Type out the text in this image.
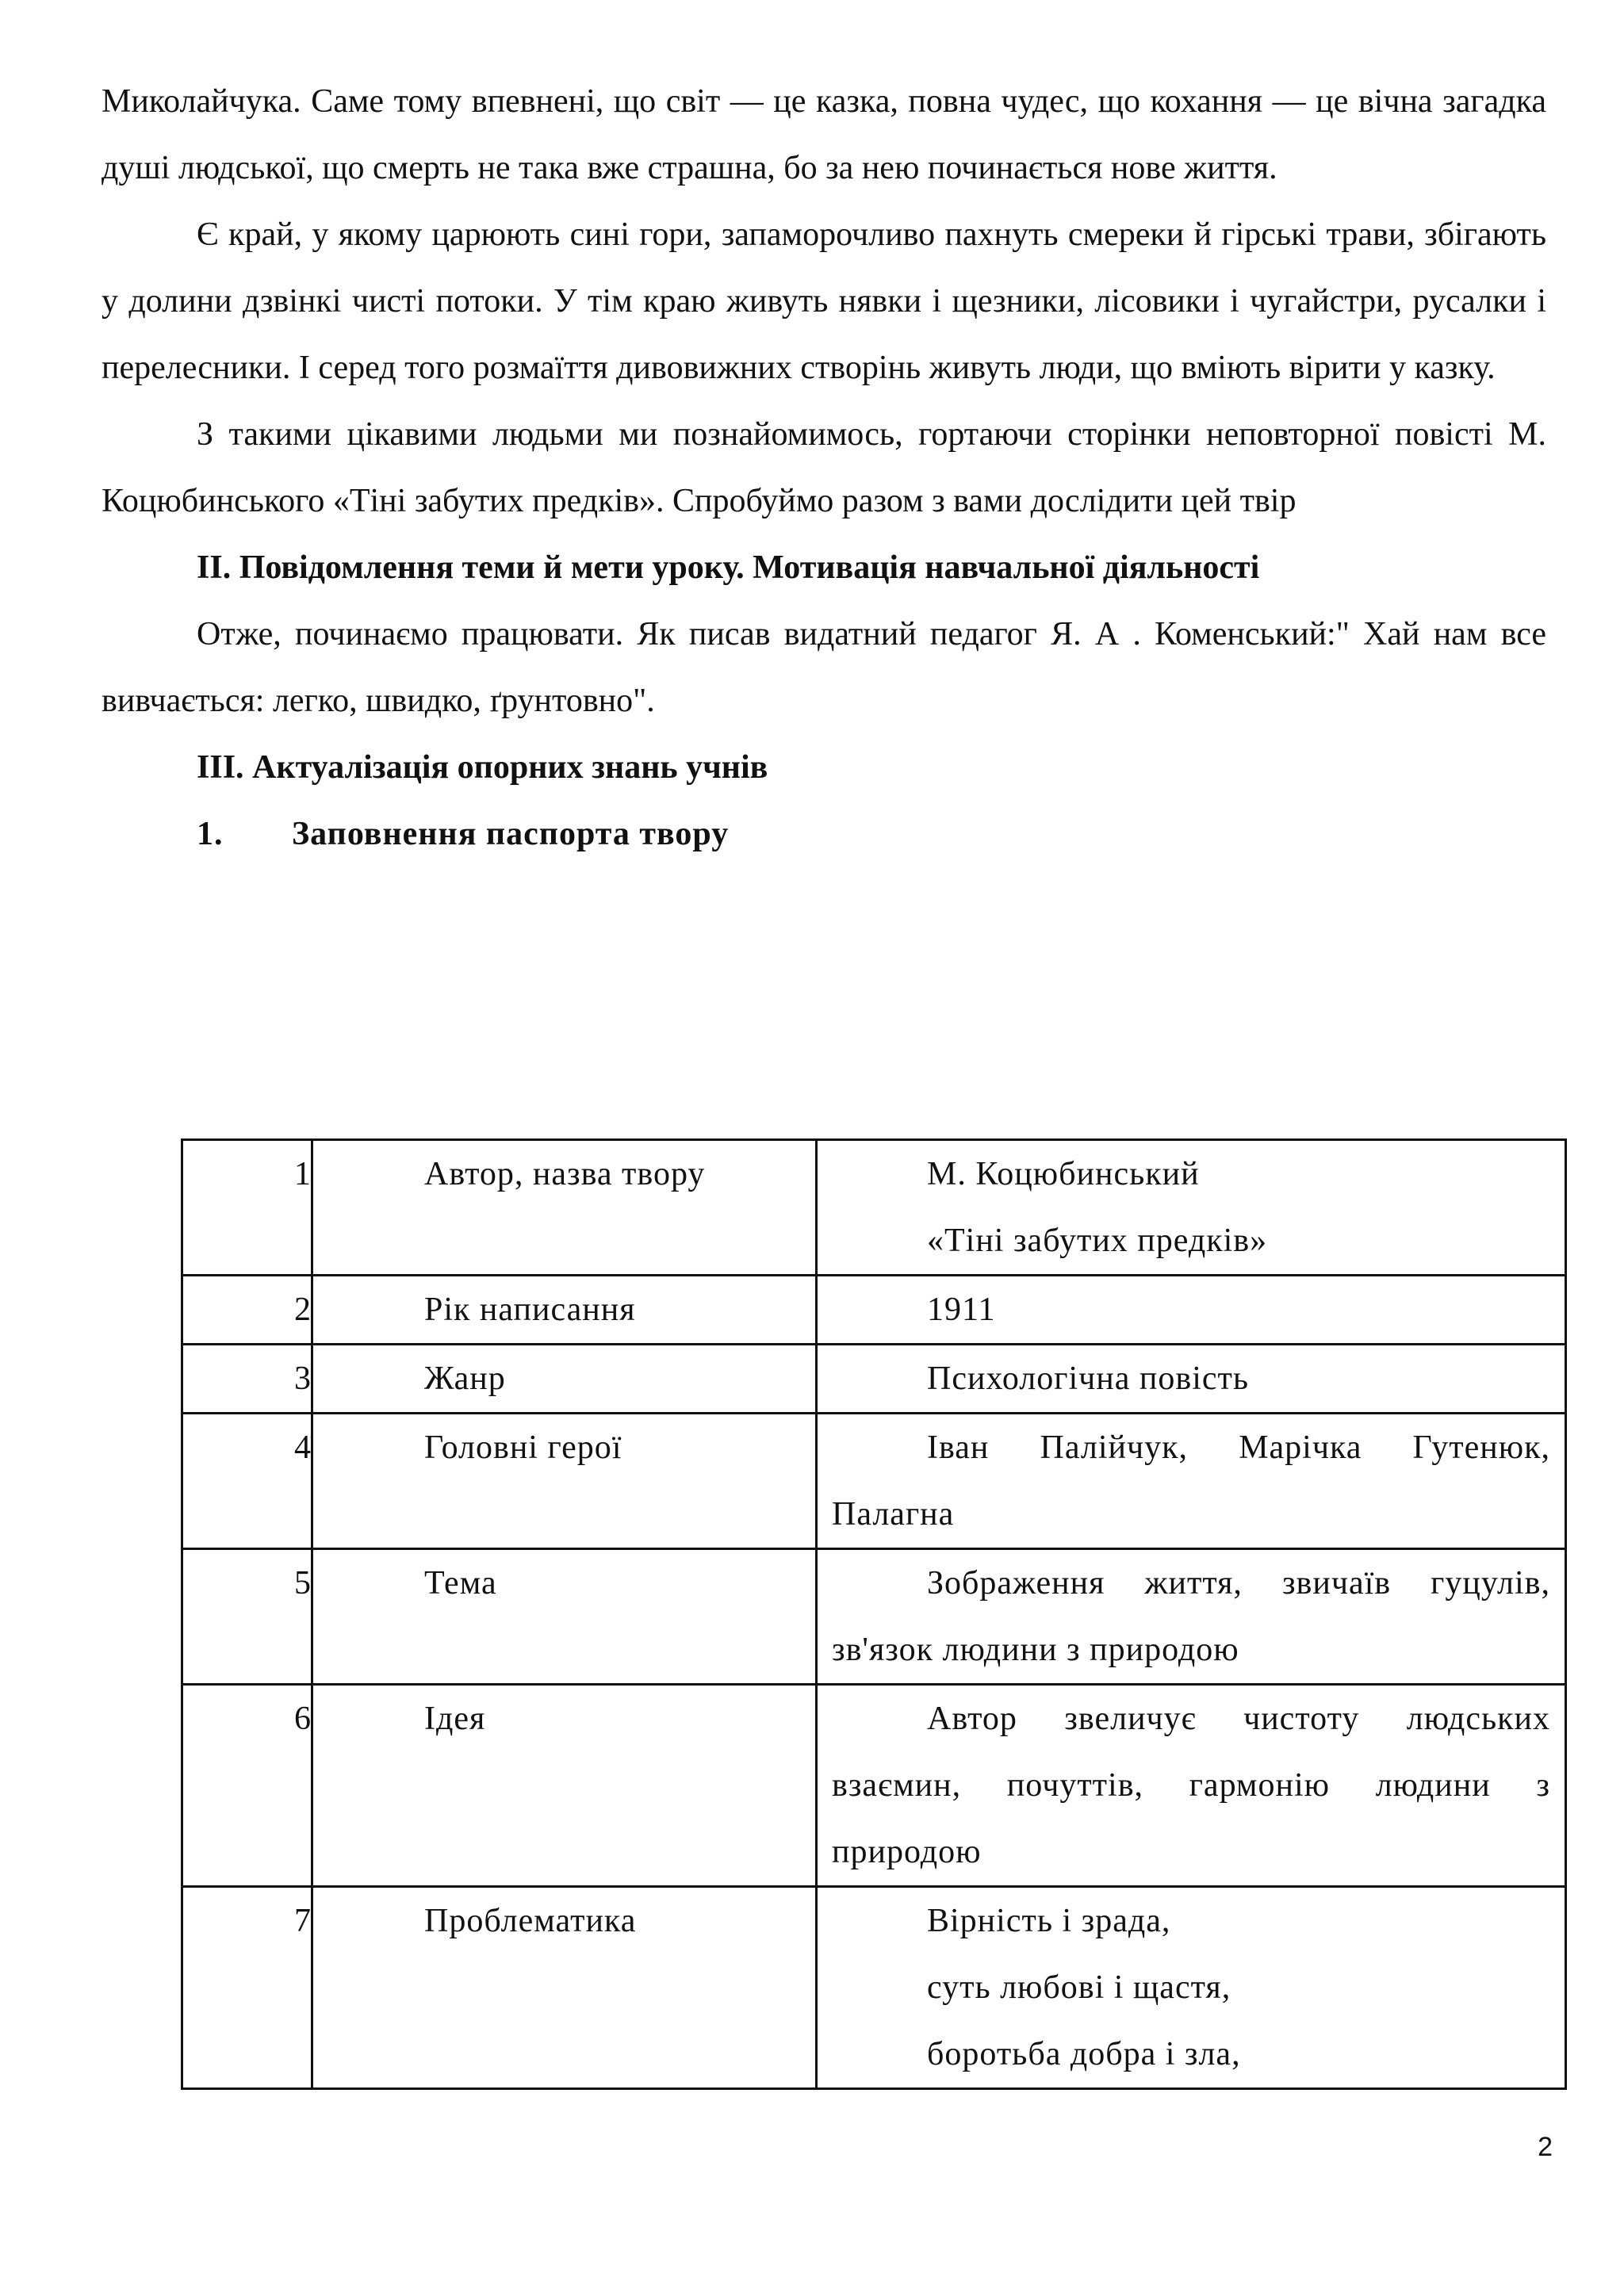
Миколайчука. Саме тому впевнені, що світ — це казка, повна чудес, що кохання — це вічна загадка душі людської, що смерть не така вже страшна, бо за нею починається нове життя.

Є край, у якому царюють сині гори, запаморочливо пахнуть смереки й гірські трави, збігають у долини дзвінкі чисті потоки. У тім краю живуть нявки і щезники, лісовики і чугайстри, русалки і перелесники. І серед того розмаїття дивовижних створінь живуть люди, що вміють вірити у казку.

З такими цікавими людьми ми познайомимось, гортаючи сторінки неповторної повісті М. Коцюбинського «Тіні забутих предків». Спробуймо разом з вами дослідити цей твір

ІІ. Повідомлення теми й мети уроку. Мотивація навчальної діяльності

Отже, починаємо працювати. Як писав видатний педагог Я. А . Коменський:" Хай нам все вивчається: легко, швидко, ґрунтовно".

ІІІ. Актуалізація опорних знань учнів

1. Заповнення паспорта твору

1	Автор, назва твору	М. Коцюбинський

«Тіні забутих предків»

2	Рік написання	1911

3	Жанр	Психологічна повість

4	Головні герої	Іван Палійчук, Марічка Гутенюк, Палагна

5	Тема	Зображення життя, звичаїв гуцулів, зв'язок людини з природою

6	Ідея	Автор звеличує чистоту людських взаємин, почуттів, гармонію людини з природою

7	Проблематика	Вірність і зрада,

суть любові і щастя,

боротьба добра і зла,

2
